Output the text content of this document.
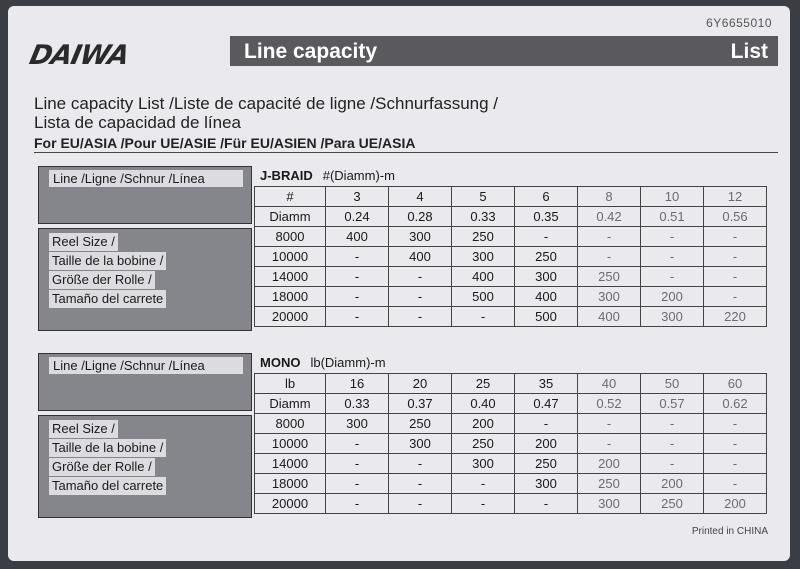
6Y6655010
DAIWA	Line capacity	List
Line capacity List /Liste de capacité de ligne /Schnurfassung /
Lista de capacidad de línea
For EU/ASIA /Pour UE/ASIE /Für EU/ASIEN /Para UE/ASIA
Line /Ligne /Schnur /Línea
Reel Size /
Taille de la bobine /
Größe der Rolle /
Tamaño del carrete
J-BRAID #(Diamm)-m
#	3	4	5	6	8	10	12
Diamm	0.24	0.28	0.33	0.35	0.42	0.51	0.56
8000	400	300	250	-	-	-	-
10000	-	400	300	250	-	-	-
14000	-	-	400	300	250	-	-
18000	-	-	500	400	300	200	-
20000	-	-	-	500	400	300	220
Line /Ligne /Schnur /Línea
Reel Size /
Taille de la bobine /
Größe der Rolle /
Tamaño del carrete
MONO lb(Diamm)-m
lb	16	20	25	35	40	50	60
Diamm	0.33	0.37	0.40	0.47	0.52	0.57	0.62
8000	300	250	200	-	-	-	-
10000	-	300	250	200	-	-	-
14000	-	-	300	250	200	-	-
18000	-	-	-	300	250	200	-
20000	-	-	-	-	300	250	200
Printed in CHINA
